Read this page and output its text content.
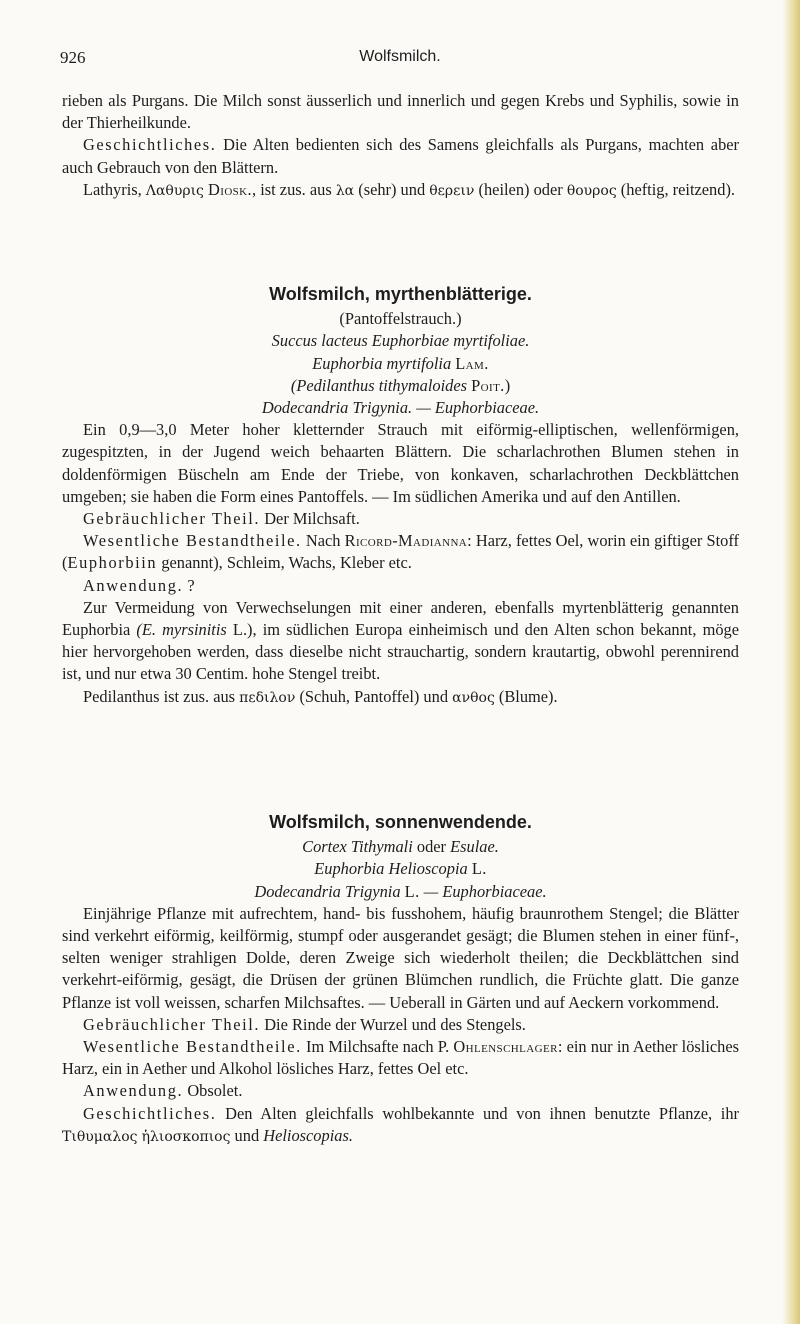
926	Wolfsmilch.

rieben als Purgans. Die Milch sonst äusserlich und innerlich und gegen Krebs und Syphilis, sowie in der Thierheilkunde.

Geschichtliches. Die Alten bedienten sich des Samens gleichfalls als Purgans, machten aber auch Gebrauch von den Blättern.

Lathyris, Λαθυρις Diosk., ist zus. aus λα (sehr) und θερειν (heilen) oder θουρος (heftig, reitzend).

Wolfsmilch, myrthenblätterige.

(Pantoffelstrauch.)

Succus lacteus Euphorbiae myrtifoliae.

Euphorbia myrtifolia Lam.

(Pedilanthus tithymaloides Poit.)

Dodecandria Trigynia. — Euphorbiaceae.

Ein 0,9—3,0 Meter hoher kletternder Strauch mit eiförmig-elliptischen, wellenförmigen, zugespitzten, in der Jugend weich behaarten Blättern. Die scharlachrothen Blumen stehen in doldenförmigen Büscheln am Ende der Triebe, von konkaven, scharlachrothen Deckblättchen umgeben; sie haben die Form eines Pantoffels. — Im südlichen Amerika und auf den Antillen.

Gebräuchlicher Theil. Der Milchsaft.

Wesentliche Bestandtheile. Nach Ricord-Madianna: Harz, fettes Oel, worin ein giftiger Stoff (Euphorbiin genannt), Schleim, Wachs, Kleber etc.

Anwendung. ?

Zur Vermeidung von Verwechselungen mit einer anderen, ebenfalls myrtenblätterig genannten Euphorbia (E. myrsinitis L.), im südlichen Europa einheimisch und den Alten schon bekannt, möge hier hervorgehoben werden, dass dieselbe nicht strauchartig, sondern krautartig, obwohl perennirend ist, und nur etwa 30 Centim. hohe Stengel treibt.

Pedilanthus ist zus. aus πεδιλον (Schuh, Pantoffel) und ανθος (Blume).

Wolfsmilch, sonnenwendende.

Cortex Tithymali oder Esulae.

Euphorbia Helioscopia L.

Dodecandria Trigynia L. — Euphorbiaceae.

Einjährige Pflanze mit aufrechtem, hand- bis fusshohem, häufig braunrothem Stengel; die Blätter sind verkehrt eiförmig, keilförmig, stumpf oder ausgerandet gesägt; die Blumen stehen in einer fünf-, selten weniger strahligen Dolde, deren Zweige sich wiederholt theilen; die Deckblättchen sind verkehrt-eiförmig, gesägt, die Drüsen der grünen Blümchen rundlich, die Früchte glatt. Die ganze Pflanze ist voll weissen, scharfen Milchsaftes. — Ueberall in Gärten und auf Aeckern vorkommend.

Gebräuchlicher Theil. Die Rinde der Wurzel und des Stengels.

Wesentliche Bestandtheile. Im Milchsafte nach P. Ohlenschlager: ein nur in Aether lösliches Harz, ein in Aether und Alkohol lösliches Harz, fettes Oel etc.

Anwendung. Obsolet.

Geschichtliches. Den Alten gleichfalls wohlbekannte und von ihnen benutzte Pflanze, ihr Τιθυμαλος ἡλιοσκοπιος und Helioscopias.
